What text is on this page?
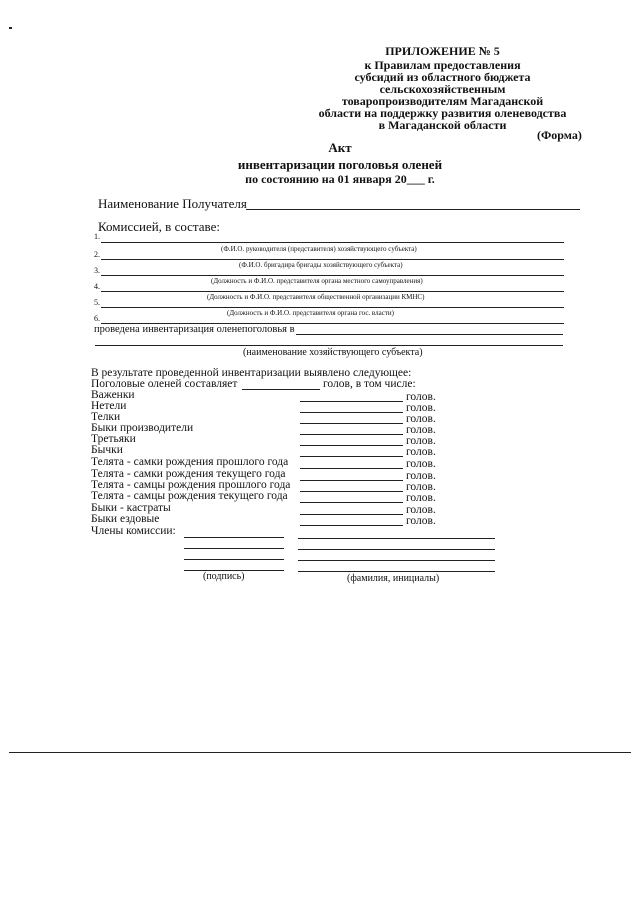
ПРИЛОЖЕНИЕ № 5
к Правилам предоставления
субсидий из областного бюджета
сельскохозяйственным
товаропроизводителям Магаданской
области на поддержку развития оленеводства
в Магаданской области
(Форма)
Акт
инвентаризации поголовья оленей
по состоянию на 01 января 20___ г.
Наименование Получателя
Комиссией, в составе:
1.
(Ф.И.О. руководителя (представителя) хозяйствующего субъекта)
2.
(Ф.И.О. бригадира бригады хозяйствующего субъекта)
3.
(Должность и Ф.И.О. представителя органа местного самоуправления)
4.
(Должность и Ф.И.О. представителя общественной организации КМНС)
5.
(Должность и Ф.И.О. представителя органа гос. власти)
6.
проведена инвентаризация оленепоголовья в
(наименование хозяйствующего субъекта)
В результате проведенной инвентаризации выявлено следующее:
Поголовые оленей составляет	голов, в том числе:
Важенки	голов.
Нетели	голов.
Телки	голов.
Быки производители	голов.
Третьяки	голов.
Бычки	голов.
Телята - самки рождения прошлого года	голов.
Телята - самки рождения текущего года	голов.
Телята - самцы рождения прошлого года	голов.
Телята - самцы рождения текущего года	голов.
Быки - кастраты	голов.
Быки ездовые	голов.
Члены комиссии:
(подпись)	(фамилия, инициалы)
